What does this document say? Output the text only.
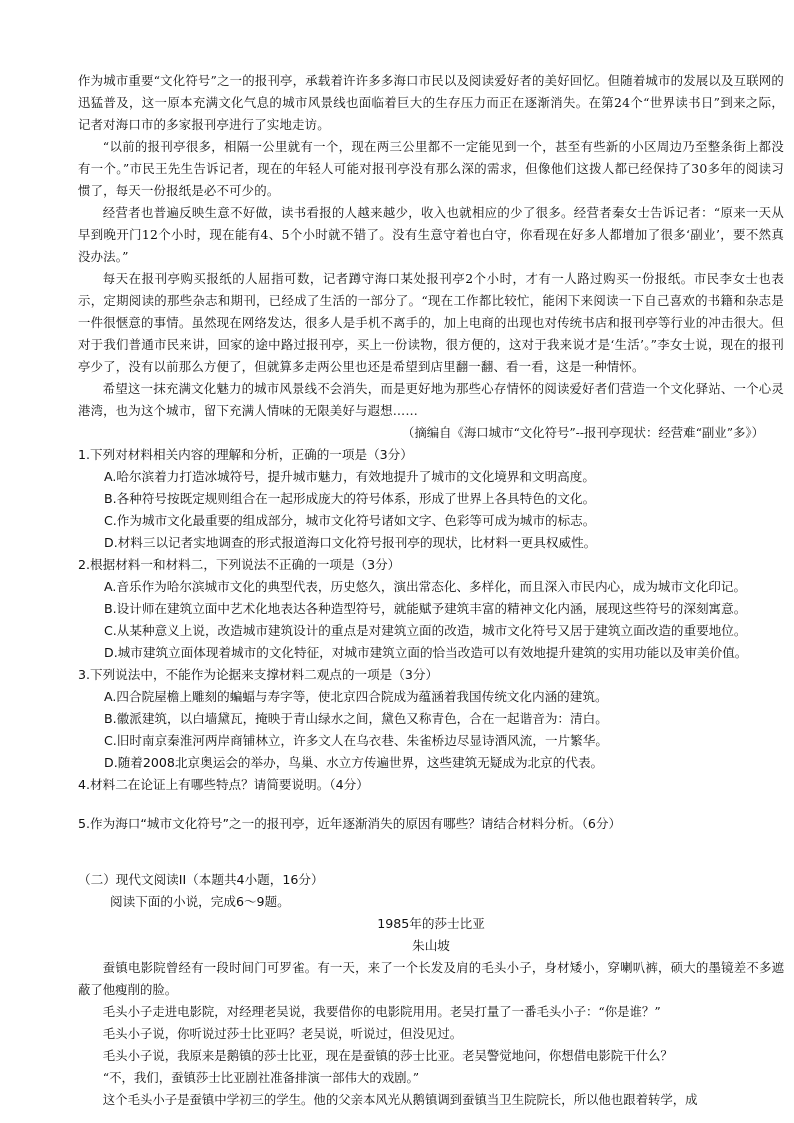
作为城市重要“文化符号”之一的报刊亭，承载着许许多多海口市民以及阅读爱好者的美好回忆。但随着城市的发展以及互联网的迅猛普及，这一原本充满文化气息的城市风景线也面临着巨大的生存压力而正在逐渐消失。在第24个“世界读书日”到来之际，记者对海口市的多家报刊亭进行了实地走访。

“以前的报刊亭很多，相隔一公里就有一个，现在两三公里都不一定能见到一个，甚至有些新的小区周边乃至整条街上都没有一个。”市民王先生告诉记者，现在的年轻人可能对报刊亭没有那么深的需求，但像他们这拨人都已经保持了30多年的阅读习惯了，每天一份报纸是必不可少的。

经营者也普遍反映生意不好做，读书看报的人越来越少，收入也就相应的少了很多。经营者秦女士告诉记者：“原来一天从早到晚开门12个小时，现在能有4、5个小时就不错了。没有生意守着也白守，你看现在好多人都增加了很多‘副业’，要不然真没办法。”

每天在报刊亭购买报纸的人屈指可数，记者蹲守海口某处报刊亭2个小时，才有一人路过购买一份报纸。市民李女士也表示，定期阅读的那些杂志和期刊，已经成了生活的一部分了。“现在工作都比较忙，能闲下来阅读一下自己喜欢的书籍和杂志是一件很惬意的事情。虽然现在网络发达，很多人是手机不离手的，加上电商的出现也对传统书店和报刊亭等行业的冲击很大。但对于我们普通市民来讲，回家的途中路过报刊亭，买上一份读物，很方便的，这对于我来说才是‘生活’。”李女士说，现在的报刊亭少了，没有以前那么方便了，但就算多走两公里也还是希望到店里翻一翻、看一看，这是一种情怀。

希望这一抹充满文化魅力的城市风景线不会消失，而是更好地为那些心存情怀的阅读爱好者们营造一个文化驿站、一个心灵港湾，也为这个城市，留下充满人情味的无限美好与遐想……

（摘编自《海口城市“文化符号”--报刊亭现状：经营难“副业”多》）

1.下列对材料相关内容的理解和分析，正确的一项是（3分）

A.哈尔滨着力打造冰城符号，提升城市魅力，有效地提升了城市的文化境界和文明高度。

B.各种符号按既定规则组合在一起形成庞大的符号体系，形成了世界上各具特色的文化。

C.作为城市文化最重要的组成部分，城市文化符号诸如文字、色彩等可成为城市的标志。

D.材料三以记者实地调查的形式报道海口文化符号报刊亭的现状，比材料一更具权威性。

2.根据材料一和材料二，下列说法不正确的一项是（3分）

A.音乐作为哈尔滨城市文化的典型代表，历史悠久，演出常态化、多样化，而且深入市民内心，成为城市文化印记。

B.设计师在建筑立面中艺术化地表达各种造型符号，就能赋予建筑丰富的精神文化内涵，展现这些符号的深刻寓意。

C.从某种意义上说，改造城市建筑设计的重点是对建筑立面的改造，城市文化符号又居于建筑立面改造的重要地位。

D.城市建筑立面体现着城市的文化特征，对城市建筑立面的恰当改造可以有效地提升建筑的实用功能以及审美价值。

3.下列说法中，不能作为论据来支撑材料二观点的一项是（3分）

A.四合院屋檐上雕刻的蝙蝠与寿字等，使北京四合院成为蕴涵着我国传统文化内涵的建筑。

B.徽派建筑，以白墙黛瓦，掩映于青山绿水之间，黛色又称青色，合在一起谐音为：清白。

C.旧时南京秦淮河两岸商铺林立，许多文人在乌衣巷、朱雀桥边尽显诗酒风流，一片繁华。

D.随着2008北京奥运会的举办，鸟巢、水立方传遍世界，这些建筑无疑成为北京的代表。

4.材料二在论证上有哪些特点？请简要说明。（4分）

5.作为海口“城市文化符号”之一的报刊亭，近年逐渐消失的原因有哪些？请结合材料分析。（6分）

（二）现代文阅读II（本题共4小题，16分）

阅读下面的小说，完成6～9题。

1985年的莎士比亚

朱山坡

蚕镇电影院曾经有一段时间门可罗雀。有一天，来了一个长发及肩的毛头小子，身材矮小，穿喇叭裤，硕大的墨镜差不多遮蔽了他瘦削的脸。

毛头小子走进电影院，对经理老吴说，我要借你的电影院用用。老吴打量了一番毛头小子：“你是谁？”

毛头小子说，你听说过莎士比亚吗？老吴说，听说过，但没见过。

毛头小子说，我原来是鹅镇的莎士比亚，现在是蚕镇的莎士比亚。老吴警觉地问，你想借电影院干什么？

“不，我们，蚕镇莎士比亚剧社准备排演一部伟大的戏剧。”

这个毛头小子是蚕镇中学初三的学生。他的父亲本风光从鹅镇调到蚕镇当卫生院院长，所以他也跟着转学，成
